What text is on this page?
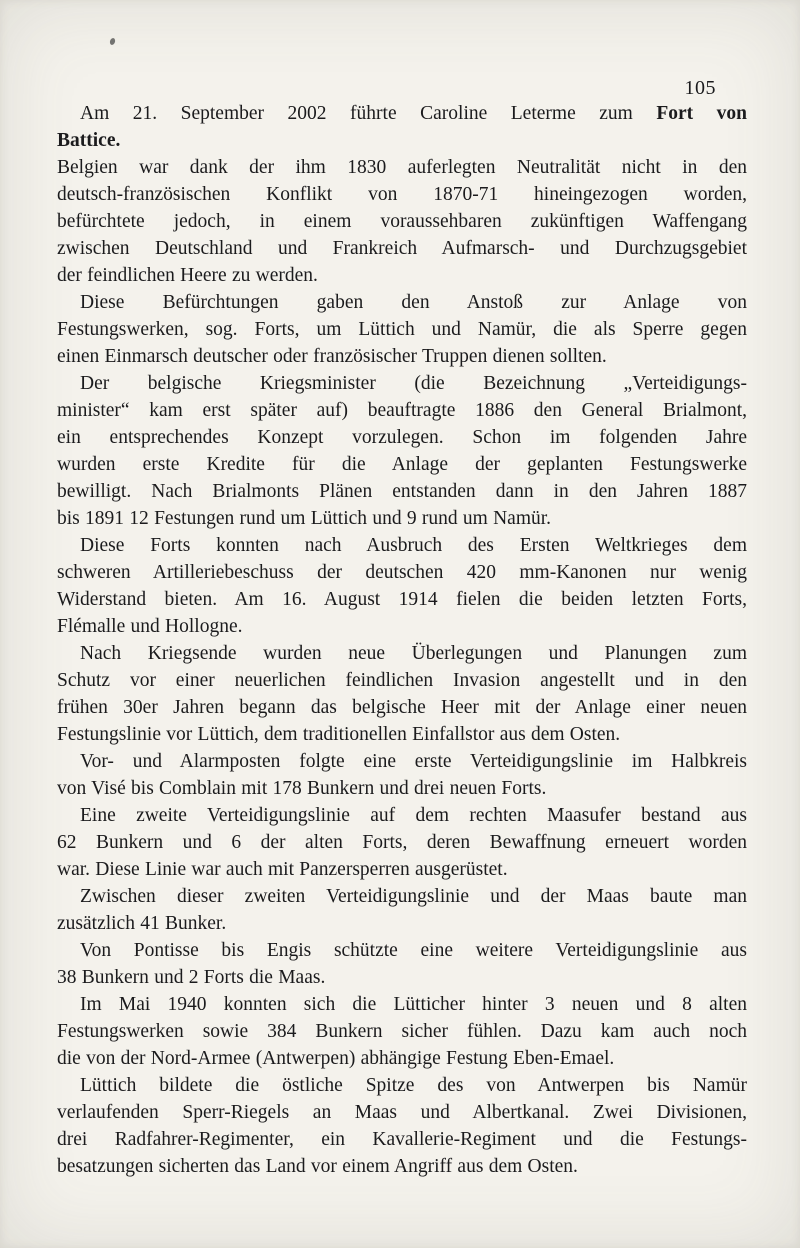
105
Am 21. September 2002 führte Caroline Leterme zum Fort von
Battice.
Belgien war dank der ihm 1830 auferlegten Neutralität nicht in den
deutsch-französischen Konflikt von 1870-71 hineingezogen worden,
befürchtete jedoch, in einem voraussehbaren zukünftigen Waffengang
zwischen Deutschland und Frankreich Aufmarsch- und Durchzugsgebiet
der feindlichen Heere zu werden.
Diese Befürchtungen gaben den Anstoß zur Anlage von
Festungswerken, sog. Forts, um Lüttich und Namür, die als Sperre gegen
einen Einmarsch deutscher oder französischer Truppen dienen sollten.
Der belgische Kriegsminister (die Bezeichnung „Verteidigungs-
minister“ kam erst später auf) beauftragte 1886 den General Brialmont,
ein entsprechendes Konzept vorzulegen. Schon im folgenden Jahre
wurden erste Kredite für die Anlage der geplanten Festungswerke
bewilligt. Nach Brialmonts Plänen entstanden dann in den Jahren 1887
bis 1891 12 Festungen rund um Lüttich und 9 rund um Namür.
Diese Forts konnten nach Ausbruch des Ersten Weltkrieges dem
schweren Artilleriebeschuss der deutschen 420 mm-Kanonen nur wenig
Widerstand bieten. Am 16. August 1914 fielen die beiden letzten Forts,
Flémalle und Hollogne.
Nach Kriegsende wurden neue Überlegungen und Planungen zum
Schutz vor einer neuerlichen feindlichen Invasion angestellt und in den
frühen 30er Jahren begann das belgische Heer mit der Anlage einer neuen
Festungslinie vor Lüttich, dem traditionellen Einfallstor aus dem Osten.
Vor- und Alarmposten folgte eine erste Verteidigungslinie im Halbkreis
von Visé bis Comblain mit 178 Bunkern und drei neuen Forts.
Eine zweite Verteidigungslinie auf dem rechten Maasufer bestand aus
62 Bunkern und 6 der alten Forts, deren Bewaffnung erneuert worden
war. Diese Linie war auch mit Panzersperren ausgerüstet.
Zwischen dieser zweiten Verteidigungslinie und der Maas baute man
zusätzlich 41 Bunker.
Von Pontisse bis Engis schützte eine weitere Verteidigungslinie aus
38 Bunkern und 2 Forts die Maas.
Im Mai 1940 konnten sich die Lütticher hinter 3 neuen und 8 alten
Festungswerken sowie 384 Bunkern sicher fühlen. Dazu kam auch noch
die von der Nord-Armee (Antwerpen) abhängige Festung Eben-Emael.
Lüttich bildete die östliche Spitze des von Antwerpen bis Namür
verlaufenden Sperr-Riegels an Maas und Albertkanal. Zwei Divisionen,
drei Radfahrer-Regimenter, ein Kavallerie-Regiment und die Festungs-
besatzungen sicherten das Land vor einem Angriff aus dem Osten.
